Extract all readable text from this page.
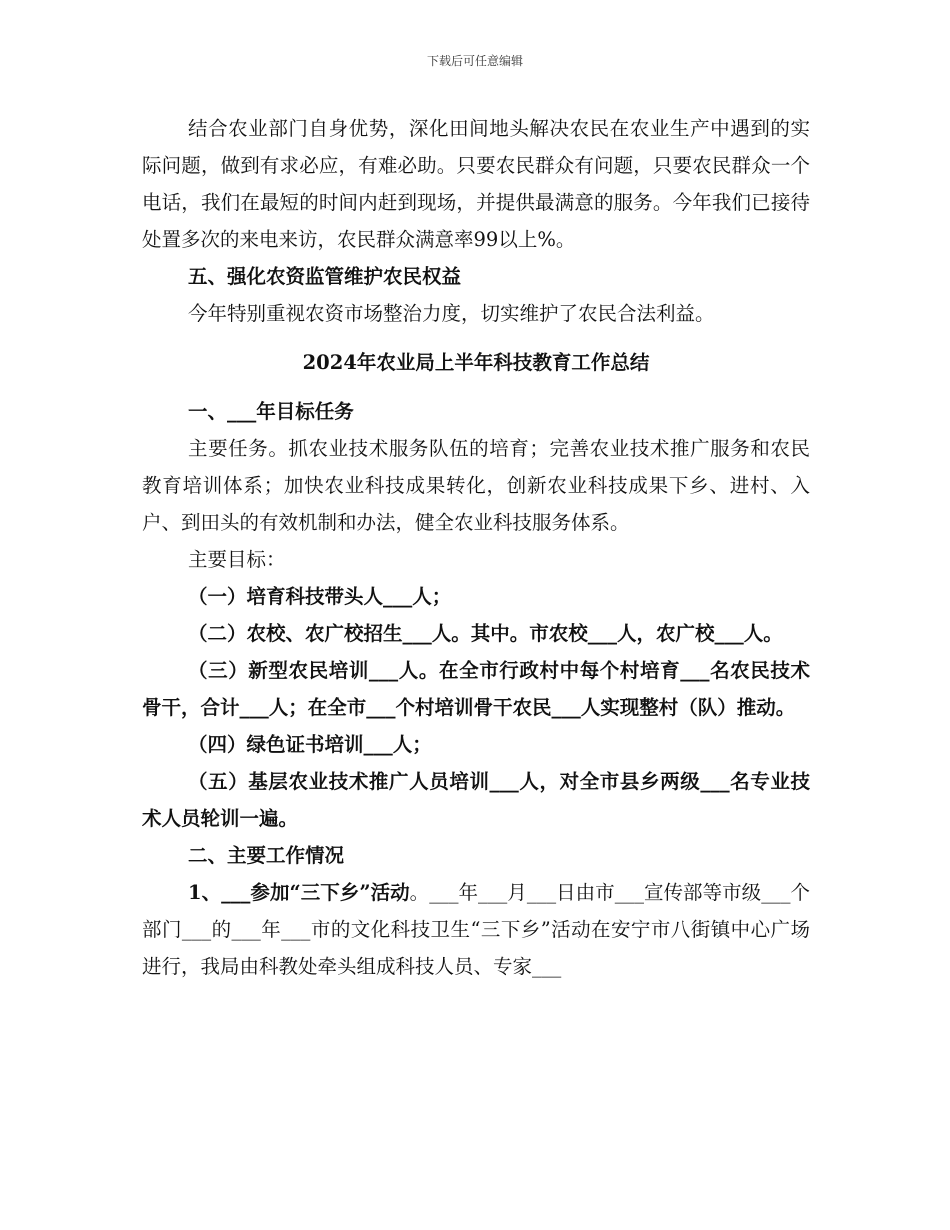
下载后可任意编辑

结合农业部门自身优势，深化田间地头解决农民在农业生产中遇到的实际问题，做到有求必应，有难必助。只要农民群众有问题，只要农民群众一个电话，我们在最短的时间内赶到现场，并提供最满意的服务。今年我们已接待处置多次的来电来访，农民群众满意率99以上%。

五、强化农资监管维护农民权益

今年特别重视农资市场整治力度，切实维护了农民合法利益。

2024年农业局上半年科技教育工作总结

一、___年目标任务

主要任务。抓农业技术服务队伍的培育；完善农业技术推广服务和农民教育培训体系；加快农业科技成果转化，创新农业科技成果下乡、进村、入户、到田头的有效机制和办法，健全农业科技服务体系。

主要目标：

（一）培育科技带头人___人；

（二）农校、农广校招生___人。其中。市农校___人，农广校___人。

（三）新型农民培训___人。在全市行政村中每个村培育___名农民技术骨干，合计___人；在全市___个村培训骨干农民___人实现整村（队）推动。

（四）绿色证书培训___人；

（五）基层农业技术推广人员培训___人，对全市县乡两级___名专业技术人员轮训一遍。

二、主要工作情况

1、___参加“三下乡”活动。___年___月___日由市___宣传部等市级___个部门___的___年___市的文化科技卫生“三下乡”活动在安宁市八街镇中心广场进行，我局由科教处牵头组成科技人员、专家___
